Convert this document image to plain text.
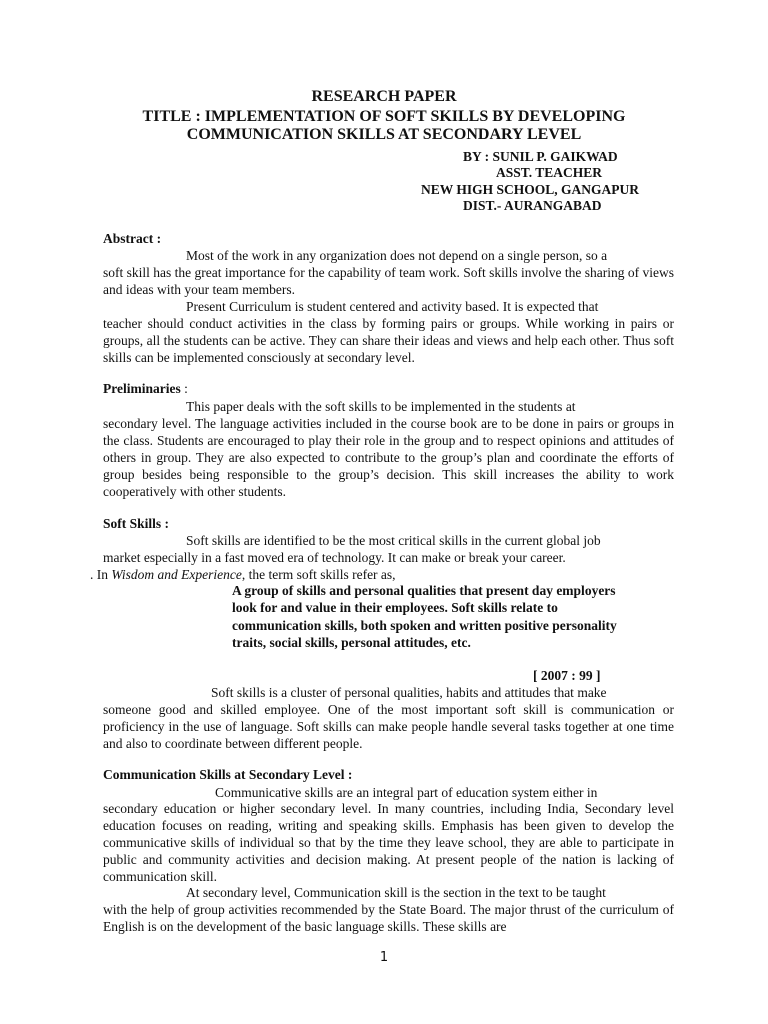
RESEARCH PAPER
TITLE : IMPLEMENTATION OF SOFT SKILLS BY DEVELOPING
COMMUNICATION SKILLS AT SECONDARY LEVEL
BY : SUNIL P. GAIKWAD
ASST. TEACHER
NEW HIGH SCHOOL, GANGAPUR
DIST.- AURANGABAD
Abstract :
Most of the work in any organization does not depend on a single person, so a
soft skill has the great importance for the capability of team work. Soft skills involve the sharing of views and ideas with your team members.
Present Curriculum is student centered and activity based. It is expected that
teacher should conduct activities in the class by forming pairs or groups. While working in pairs or groups, all the students can be active. They can share their ideas and views and help each other. Thus soft skills can be implemented consciously at secondary level.
Preliminaries :
This paper deals with the soft skills to be implemented in the students at
secondary level. The language activities included in the course book are to be done in pairs or groups in the class. Students are encouraged to play their role in the group and to respect opinions and attitudes of others in group. They are also expected to contribute to the group’s plan and coordinate the efforts of group besides being responsible to the group’s decision. This skill increases the ability to work cooperatively with other students.
Soft Skills :
Soft skills are identified to be the most critical skills in the current global job
market especially in a fast moved era of technology. It can make or break your career.
. In Wisdom and Experience, the term soft skills refer as,
A group of skills and personal qualities that present day employers look for and value in their employees. Soft skills relate to communication skills, both spoken and written positive personality traits, social skills, personal attitudes, etc.
[ 2007 : 99 ]
Soft skills is a cluster of personal qualities, habits and attitudes that make
someone good and skilled employee. One of the most important soft skill is communication or proficiency in the use of language. Soft skills can make people handle several tasks together at one time and also to coordinate between different people.
Communication Skills at Secondary Level :
Communicative skills are an integral part of education system either in
secondary education or higher secondary level. In many countries, including India, Secondary level education focuses on reading, writing and speaking skills. Emphasis has been given to develop the communicative skills of individual so that by the time they leave school, they are able to participate in public and community activities and decision making. At present people of the nation is lacking of communication skill.
At secondary level, Communication skill is the section in the text to be taught
with the help of group activities recommended by the State Board. The major thrust of the curriculum of English is on the development of the basic language skills. These skills are
1
